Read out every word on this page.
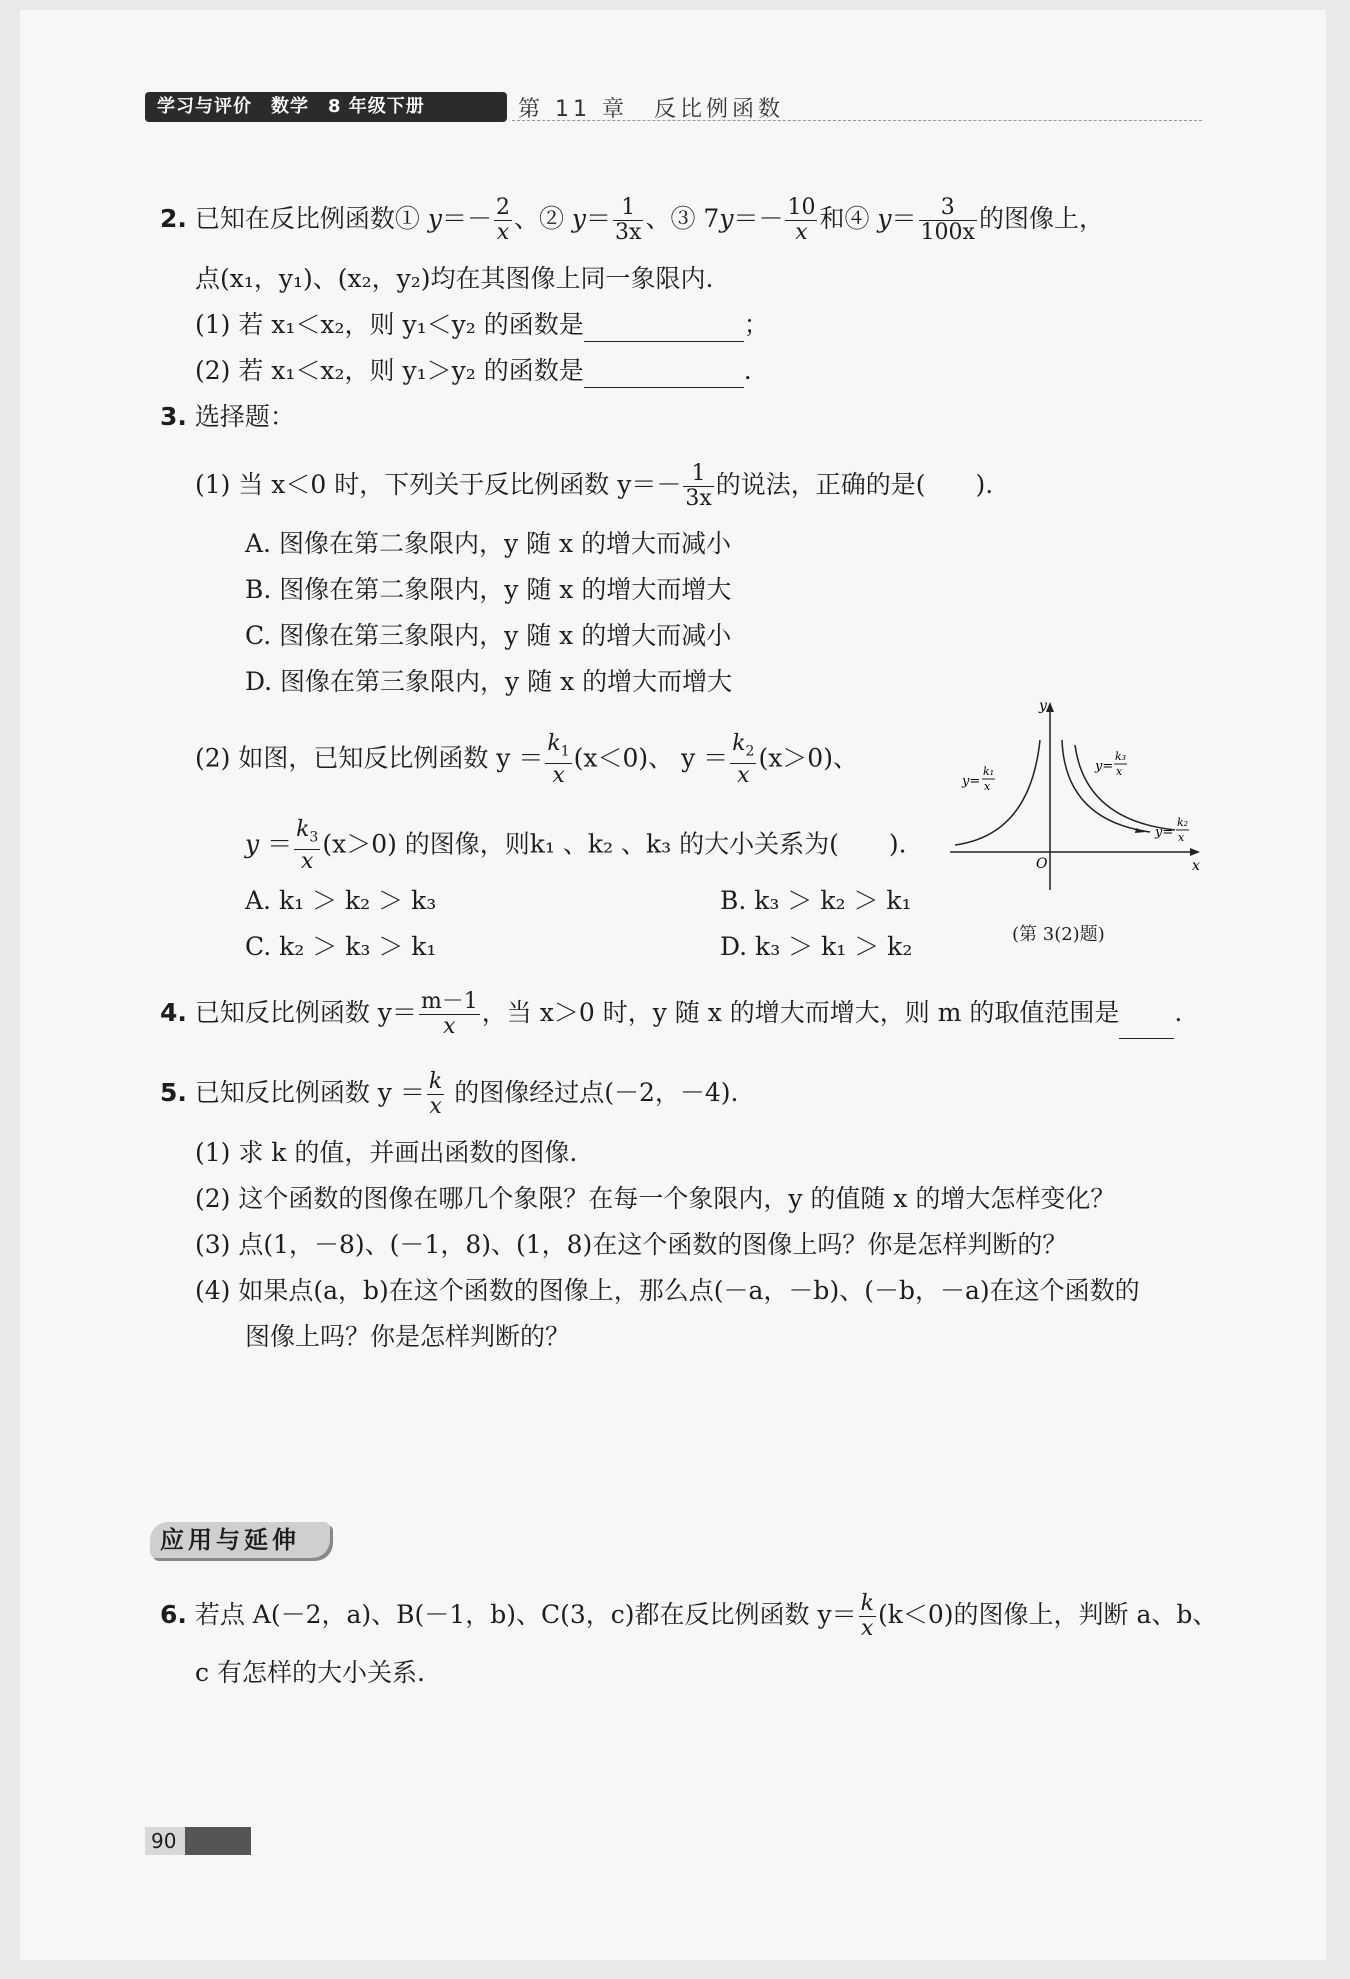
学习与评价　数学　8 年级下册	第 11 章　反比例函数
2. 已知在反比例函数① $y=- \frac{2}{x}$ 、② $y= \frac{1}{3x}$ 、③ $7y=- \frac{10}{x}$ 和④ $y= \frac{3}{100x}$ 的图像上，
点(x₁，y₁)、(x₂，y₂)均在其图像上同一象限内.
(1) 若 x₁＜x₂，则 y₁＜y₂ 的函数是	；
(2) 若 x₁＜x₂，则 y₁＞y₂ 的函数是	.
3. 选择题：
(1) 当 x＜0 时，下列关于反比例函数 $y=- \frac{1}{3x}$ 的说法，正确的是(　　).
A. 图像在第二象限内，y 随 x 的增大而减小
B. 图像在第二象限内，y 随 x 的增大而增大
C. 图像在第三象限内，y 随 x 的增大而减小
D. 图像在第三象限内，y 随 x 的增大而增大
(2) 如图，已知反比例函数 $y = \frac{k_1}{x} (x<0)$、 $y = \frac{k_2}{x} (x>0)$、
$y = \frac{k_3}{x} (x>0)$ 的图像，则k₁ 、k₂ 、k₃ 的大小关系为(　　).
A. k₁ ＞ k₂ ＞ k₃	B. k₃ ＞ k₂ ＞ k₁
C. k₂ ＞ k₃ ＞ k₁	D. k₃ ＞ k₁ ＞ k₂
y
x
O
y=
k₁
x
y=
k₃
x
y=
k₂
x
(第 3(2)题)
4. 已知反比例函数 $y= \frac{m-1}{x}$ ，当 x＞0 时，y 随 x 的增大而增大，则 m 的取值范围是 .
5. 已知反比例函数 $y = \frac{k}{x}$ 的图像经过点(－2，－4).
(1) 求 k 的值，并画出函数的图像.
(2) 这个函数的图像在哪几个象限？在每一个象限内，y 的值随 x 的增大怎样变化？
(3) 点(1，－8)、(－1，8)、(1，8)在这个函数的图像上吗？你是怎样判断的？
(4) 如果点(a，b)在这个函数的图像上，那么点(－a，－b)、(－b，－a)在这个函数的
图像上吗？你是怎样判断的？
应用与延伸
6. 若点 A(－2，a)、B(－1，b)、C(3，c)都在反比例函数 $y= \frac{k}{x} (k<0)$的图像上，判断 a、b、
c 有怎样的大小关系.
90
